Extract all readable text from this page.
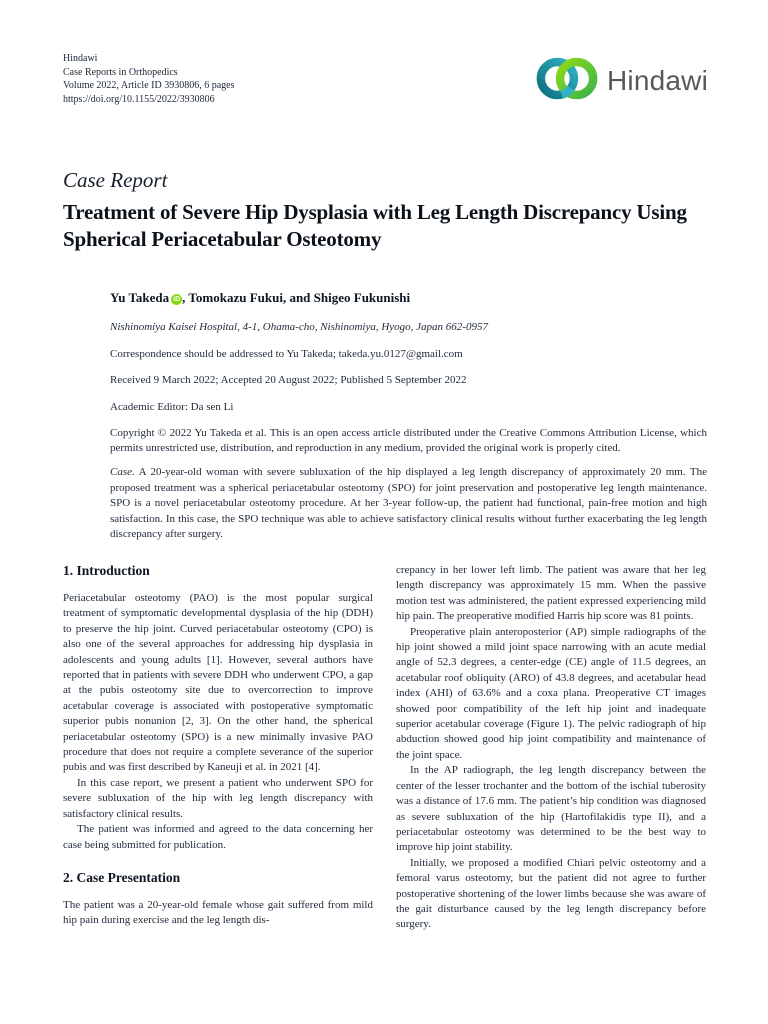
Hindawi
Case Reports in Orthopedics
Volume 2022, Article ID 3930806, 6 pages
https://doi.org/10.1155/2022/3930806
Hindawi
Case Report
Treatment of Severe Hip Dysplasia with Leg Length Discrepancy Using Spherical Periacetabular Osteotomy
Yu Takeda iD , Tomokazu Fukui, and Shigeo Fukunishi
Nishinomiya Kaisei Hospital, 4-1, Ohama-cho, Nishinomiya, Hyogo, Japan 662-0957
Correspondence should be addressed to Yu Takeda; takeda.yu.0127@gmail.com
Received 9 March 2022; Accepted 20 August 2022; Published 5 September 2022
Academic Editor: Da sen Li
Copyright © 2022 Yu Takeda et al. This is an open access article distributed under the Creative Commons Attribution License, which permits unrestricted use, distribution, and reproduction in any medium, provided the original work is properly cited.
Case. A 20-year-old woman with severe subluxation of the hip displayed a leg length discrepancy of approximately 20 mm. The proposed treatment was a spherical periacetabular osteotomy (SPO) for joint preservation and postoperative leg length maintenance. SPO is a novel periacetabular osteotomy procedure. At her 3-year follow-up, the patient had functional, pain-free motion and high satisfaction. In this case, the SPO technique was able to achieve satisfactory clinical results without further exacerbating the leg length discrepancy after surgery.
1. Introduction

Periacetabular osteotomy (PAO) is the most popular surgical treatment of symptomatic developmental dysplasia of the hip (DDH) to preserve the hip joint. Curved periacetabular osteotomy (CPO) is also one of the several approaches for addressing hip dysplasia in adolescents and young adults [1]. However, several authors have reported that in patients with severe DDH who underwent CPO, a gap at the pubis osteotomy site due to overcorrection to improve acetabular coverage is associated with postoperative symptomatic superior pubis nonunion [2, 3]. On the other hand, the spherical periacetabular osteotomy (SPO) is a new minimally invasive PAO procedure that does not require a complete severance of the superior pubis and was first described by Kaneuji et al. in 2021 [4].

In this case report, we present a patient who underwent SPO for severe subluxation of the hip with leg length discrepancy with satisfactory clinical results.

The patient was informed and agreed to the data concerning her case being submitted for publication.

2. Case Presentation

The patient was a 20-year-old female whose gait suffered from mild hip pain during exercise and the leg length dis-

crepancy in her lower left limb. The patient was aware that her leg length discrepancy was approximately 15 mm. When the passive motion test was administered, the patient expressed experiencing mild hip pain. The preoperative modified Harris hip score was 81 points.

Preoperative plain anteroposterior (AP) simple radiographs of the hip joint showed a mild joint space narrowing with an acute medial angle of 52.3 degrees, a center-edge (CE) angle of 11.5 degrees, an acetabular roof obliquity (ARO) of 43.8 degrees, and acetabular head index (AHI) of 63.6% and a coxa plana. Preoperative CT images showed poor compatibility of the left hip joint and inadequate superior acetabular coverage (Figure 1). The pelvic radiograph of hip abduction showed good hip joint compatibility and maintenance of the joint space.

In the AP radiograph, the leg length discrepancy between the center of the lesser trochanter and the bottom of the ischial tuberosity was a distance of 17.6 mm. The patient’s hip condition was diagnosed as severe subluxation of the hip (Hartofilakidis type II), and a periacetabular osteotomy was determined to be the best way to improve hip joint stability.

Initially, we proposed a modified Chiari pelvic osteotomy and a femoral varus osteotomy, but the patient did not agree to further postoperative shortening of the lower limbs because she was aware of the gait disturbance caused by the leg length discrepancy before surgery.
